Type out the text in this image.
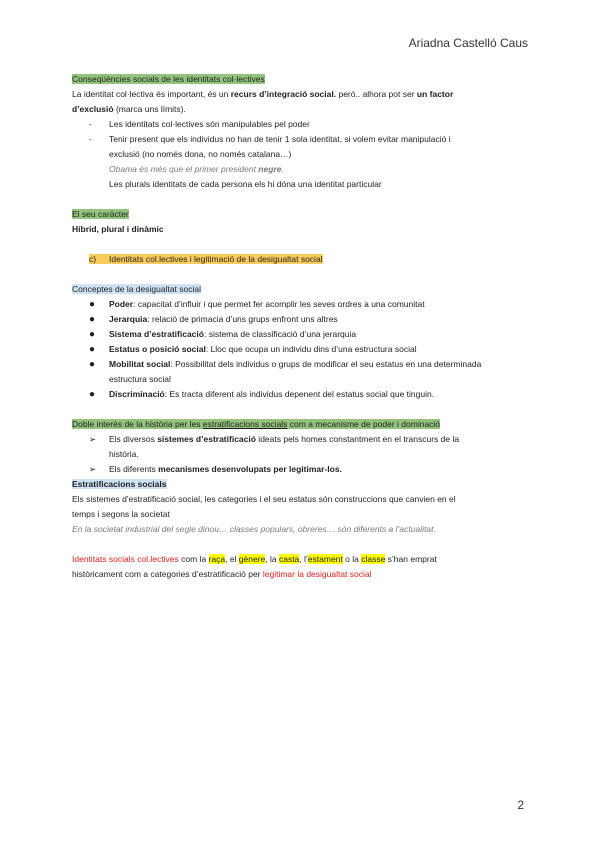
Ariadna Castelló Caus
Conseqüències socials de les identitats col·lectives
La identitat col·lectiva és important, és un recurs d’integració social. però.. alhora pot ser un factor
d’exclusió (marca uns límits).
-	Les identitats col·lectives són manipulables pel poder
-	Tenir present que els individus no han de tenir 1 sola identitat, si volem evitar manipulació i
exclusió (no només dona, no només catalana…)
Obama és més que el primer president negre.
Les plurals identitats de cada persona els hi dóna una identitat particular
El seu caràcter
Híbrid, plural i dinàmic
c) Identitats col.lectives i legitimació de la desigualtat social
Conceptes de la desigualtat social
●	Poder: capacitat d’influir i que permet fer acomplir les seves ordres a una comunitat
●	Jerarquia: relació de primacia d’uns grups enfront uns altres
●	Sistema d’estratificació: sistema de classificació d’una jerarquia
●	Estatus o posició social: Lloc que ocupa un individu dins d’una estructura social
●	Mobilitat social: Possibilitat dels individus o grups de modificar el seu estatus en una determinada estructura social
●	Discriminació: Es tracta diferent als individus depenent del estatus social que tinguin.
Doble interès de la història per les estratificacions socials com a mecanisme de poder i dominació
➢	Els diversos sistemes d’estratificació ideats pels homes constantment en el transcurs de la
història.
➢	Els diferents mecanismes desenvolupats per legitimar-los.
Estratificacions socials
Els sistemes d’estratificació social, les categories i el seu estatus són construccions que canvien en el
temps i segons la societat
En la societat industrial del segle dinou… classes populars, obreres… són diferents a l’actualitat.
Identitats socials col.lectives com la raça, el gènere, la casta, l’estament o la classe s’han emprat
històricament com a categories d’estratificació per legitimar la desigualtat social
2
